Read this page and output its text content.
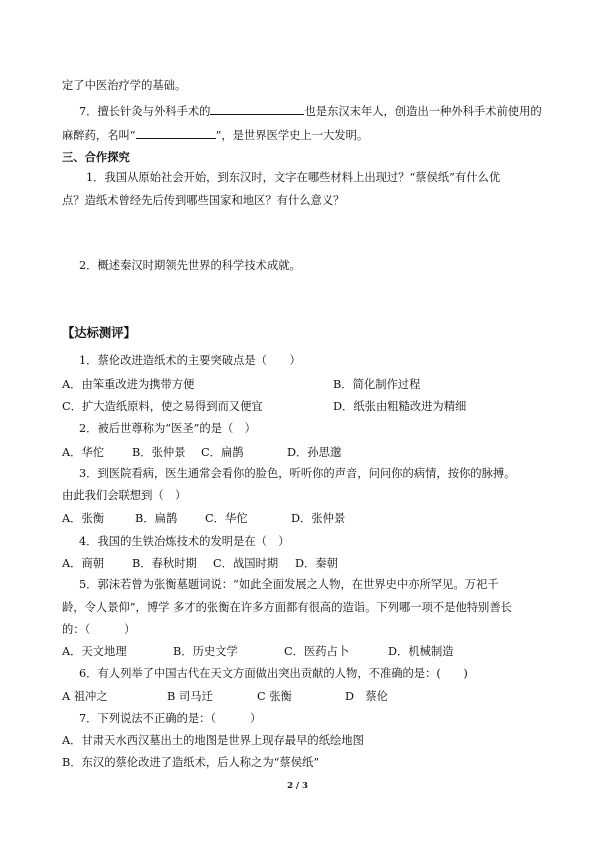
定了中医治疗学的基础。
7．擅长针灸与外科手术的	也是东汉末年人，创造出一种外科手术前使用的
麻醉药，名叫“	”，是世界医学史上一大发明。
三、合作探究
1．我国从原始社会开始，到东汉时，文字在哪些材料上出现过？“蔡侯纸”有什么优
点？造纸术曾经先后传到哪些国家和地区？有什么意义？
2．概述秦汉时期领先世界的科学技术成就。
【达标测评】
1．蔡伦改进造纸术的主要突破点是（　　）
A．由笨重改进为携带方便	B．简化制作过程
C．扩大造纸原料，使之易得到而又便宜	D．纸张由粗糙改进为精细
2．被后世尊称为“医圣”的是（　）
A．华佗 B．张仲景 C．扁鹊	D．孙思邈
3．到医院看病，医生通常会看你的脸色，听听你的声音，问问你的病情，按你的脉搏。
由此我们会联想到（　）
A．张衡	B．扁鹊 C．华佗	D．张仲景
4．我国的生铁冶炼技术的发明是在（　）
A．商朝 B．春秋时期 C．战国时期 D．秦朝
5．郭沫若曾为张衡墓题词说：“如此全面发展之人物，在世界史中亦所罕见。万祀千
龄，令人景仰”，博学 多才的张衡在许多方面都有很高的造诣。下列哪一项不是他特别善长
的：（　　　）
A．天文地理	B．历史文学	C．医药占卜	D．机械制造
6．有人列举了中国古代在天文方面做出突出贡献的人物，不准确的是：(　　)
A 祖冲之	B 司马迁	C 张衡	D　蔡伦
7．下列说法不正确的是：（　　　）
A．甘肃天水西汉墓出土的地图是世界上现存最早的纸绘地图
B．东汉的蔡伦改进了造纸术，后人称之为“蔡侯纸”
2 / 3
